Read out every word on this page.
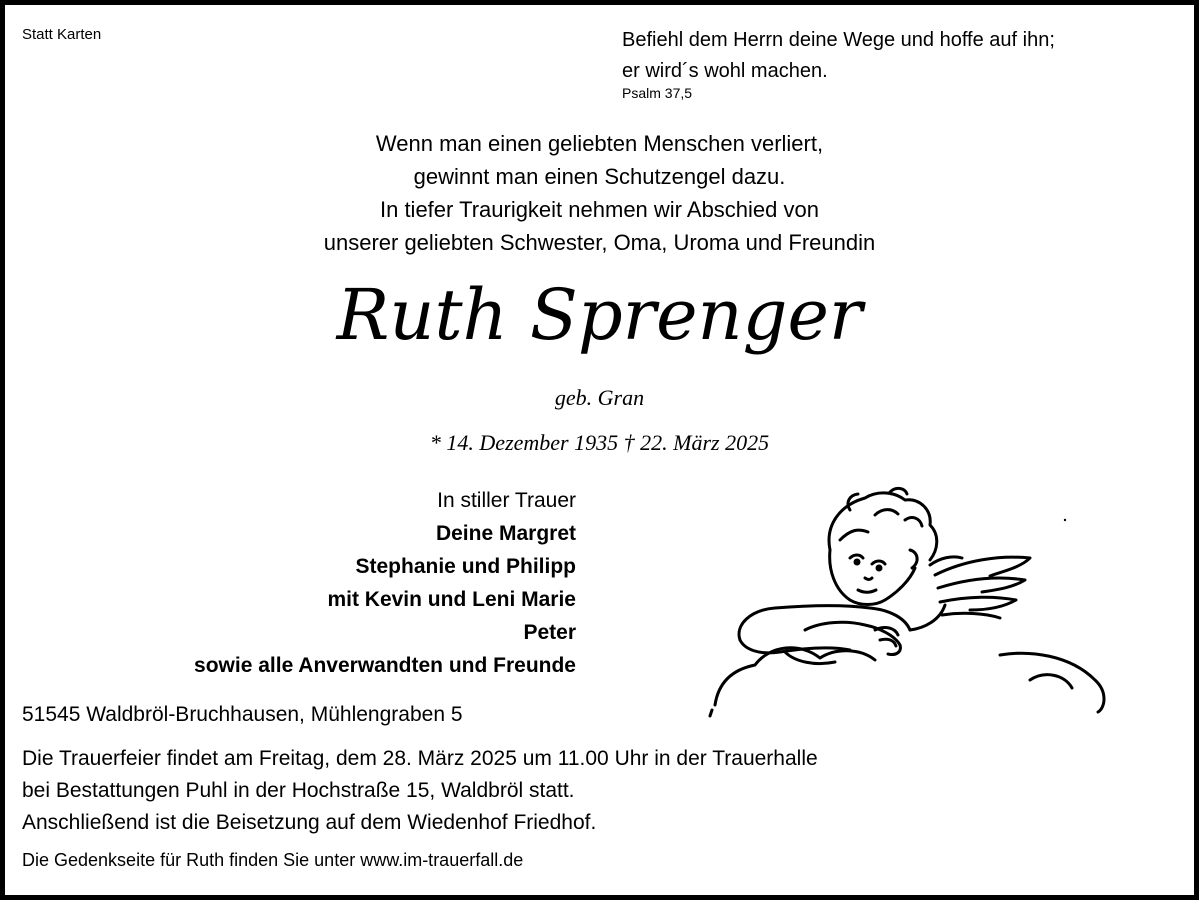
Statt Karten	Befiehl dem Herrn deine Wege und hoffe auf ihn;
er wird´s wohl machen.
Psalm 37,5
Wenn man einen geliebten Menschen verliert,
gewinnt man einen Schutzengel dazu.
In tiefer Traurigkeit nehmen wir Abschied von
unserer geliebten Schwester, Oma, Uroma und Freundin
Ruth Sprenger
geb. Gran
* 14. Dezember 1935 † 22. März 2025
In stiller Trauer
Deine Margret
Stephanie und Philipp
mit Kevin und Leni Marie
Peter
sowie alle Anverwandten und Freunde
51545 Waldbröl-Bruchhausen, Mühlengraben 5
Die Trauerfeier findet am Freitag, dem 28. März 2025 um 11.00 Uhr in der Trauerhalle
bei Bestattungen Puhl in der Hochstraße 15, Waldbröl statt.
Anschließend ist die Beisetzung auf dem Wiedenhof Friedhof.
Die Gedenkseite für Ruth finden Sie unter www.im-trauerfall.de
